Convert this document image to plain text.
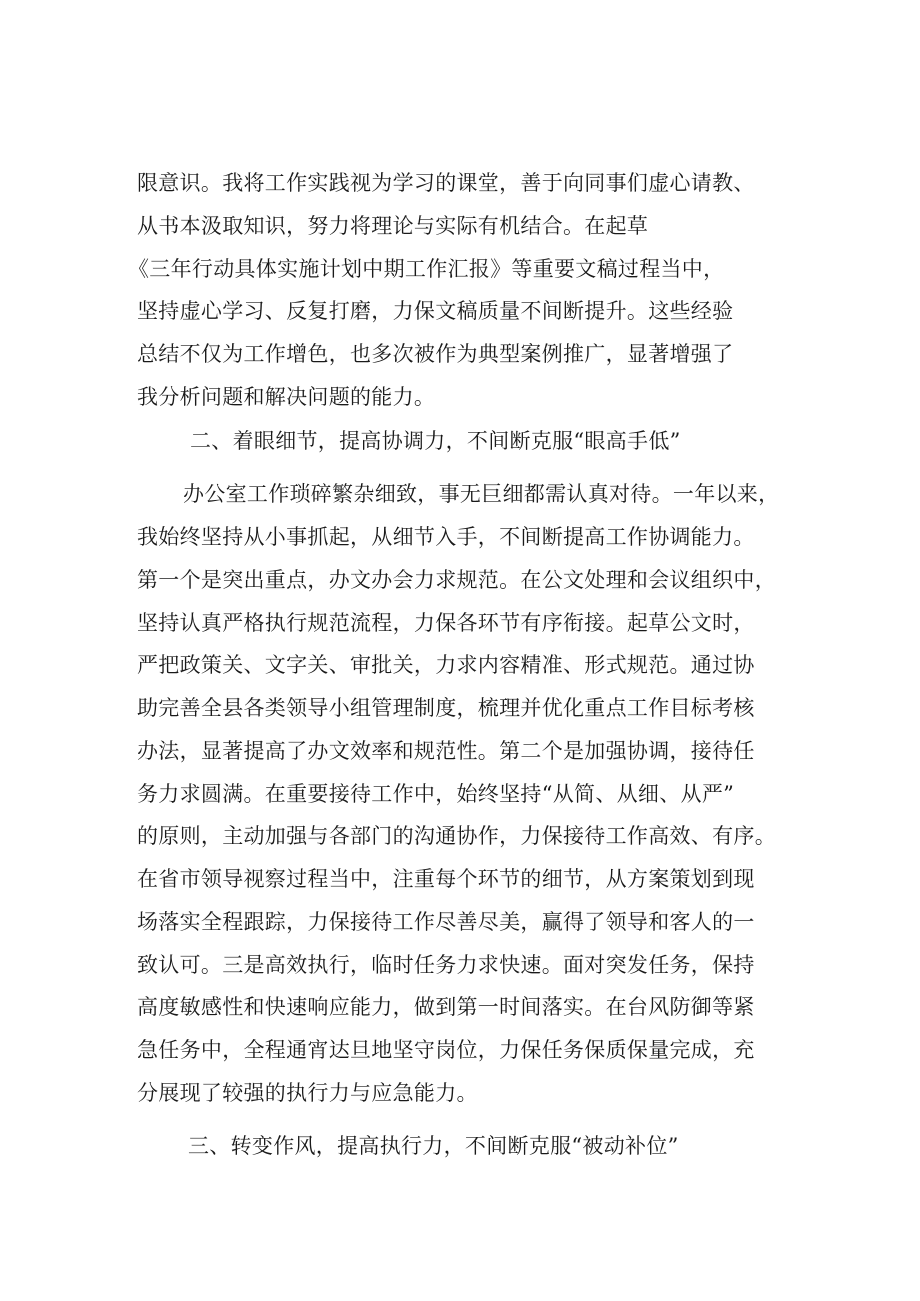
限意识。我将工作实践视为学习的课堂，善于向同事们虚心请教、
从书本汲取知识，努力将理论与实际有机结合。在起草
《三年行动具体实施计划中期工作汇报》等重要文稿过程当中，
坚持虚心学习、反复打磨，力保文稿质量不间断提升。这些经验
总结不仅为工作增色，也多次被作为典型案例推广，显著增强了
我分析问题和解决问题的能力。
二、着眼细节，提高协调力，不间断克服“眼高手低”
办公室工作琐碎繁杂细致，事无巨细都需认真对待。一年以来，
我始终坚持从小事抓起，从细节入手，不间断提高工作协调能力。
第一个是突出重点，办文办会力求规范。在公文处理和会议组织中，
坚持认真严格执行规范流程，力保各环节有序衔接。起草公文时，
严把政策关、文字关、审批关，力求内容精准、形式规范。通过协
助完善全县各类领导小组管理制度，梳理并优化重点工作目标考核
办法，显著提高了办文效率和规范性。第二个是加强协调，接待任
务力求圆满。在重要接待工作中，始终坚持“从简、从细、从严”
的原则，主动加强与各部门的沟通协作，力保接待工作高效、有序。
在省市领导视察过程当中，注重每个环节的细节，从方案策划到现
场落实全程跟踪，力保接待工作尽善尽美，赢得了领导和客人的一
致认可。三是高效执行，临时任务力求快速。面对突发任务，保持
高度敏感性和快速响应能力，做到第一时间落实。在台风防御等紧
急任务中，全程通宵达旦地坚守岗位，力保任务保质保量完成，充
分展现了较强的执行力与应急能力。
三、转变作风，提高执行力，不间断克服“被动补位”
